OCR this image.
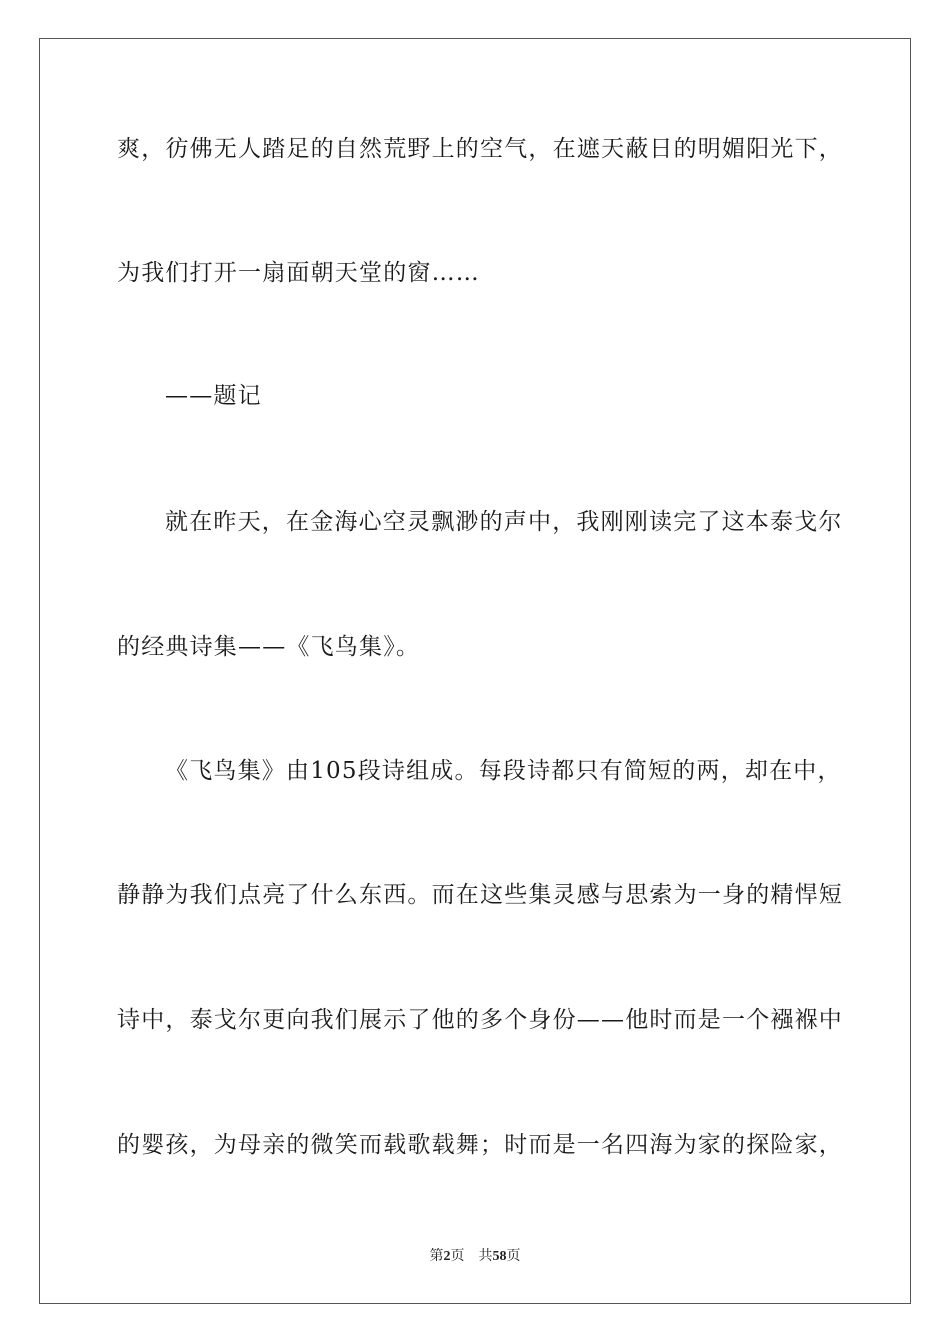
爽，彷佛无人踏足的自然荒野上的空气，在遮天蔽日的明媚阳光下，
为我们打开一扇面朝天堂的窗……
——题记
就在昨天，在金海心空灵飘渺的声中，我刚刚读完了这本泰戈尔
的经典诗集——《飞鸟集》。
《飞鸟集》由105段诗组成。每段诗都只有简短的两，却在中，
静静为我们点亮了什么东西。而在这些集灵感与思索为一身的精悍短
诗中，泰戈尔更向我们展示了他的多个身份——他时而是一个襁褓中
的婴孩，为母亲的微笑而载歌载舞；时而是一名四海为家的探险家，
第2页 共58页
